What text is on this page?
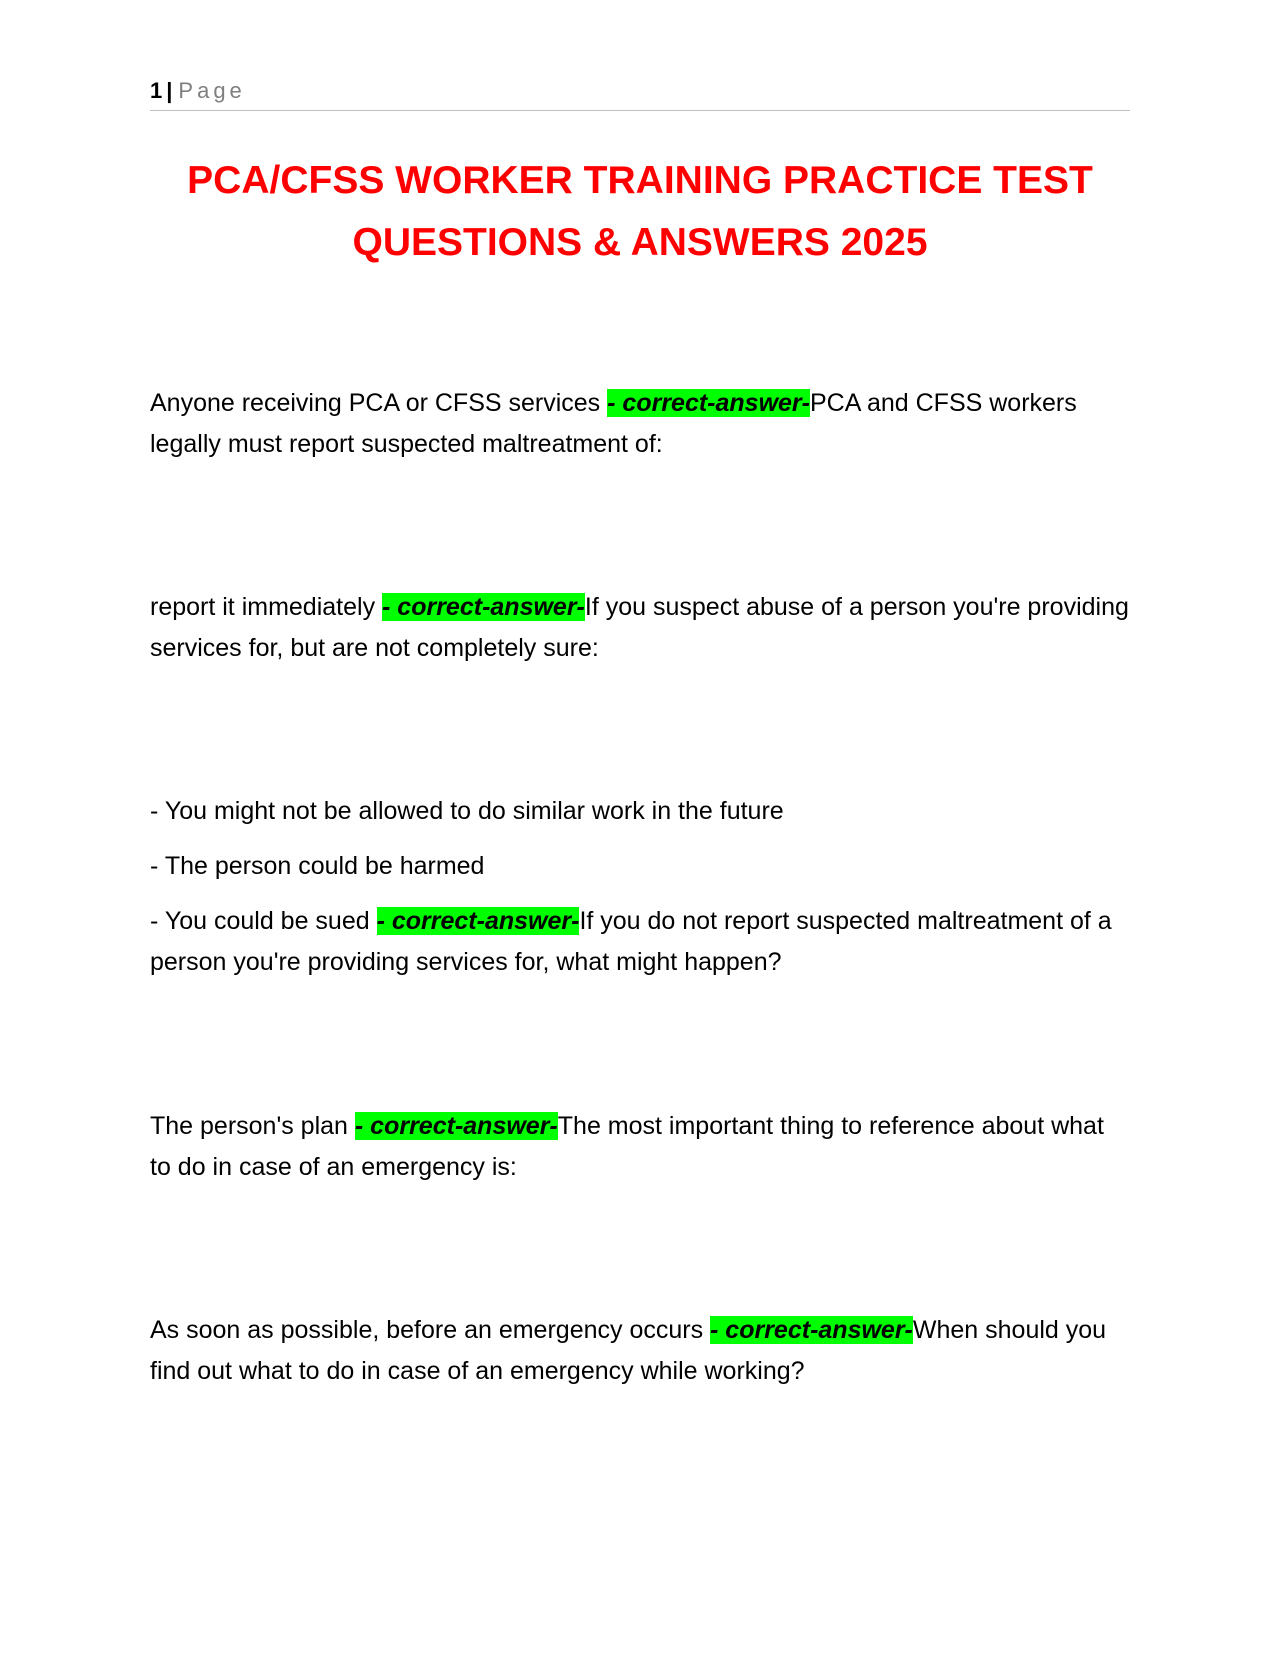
1 | Page
PCA/CFSS WORKER TRAINING PRACTICE TEST
QUESTIONS & ANSWERS 2025

Anyone receiving PCA or CFSS services - correct-answer-PCA and CFSS workers legally must report suspected maltreatment of:

report it immediately - correct-answer-If you suspect abuse of a person you're providing services for, but are not completely sure:

- You might not be allowed to do similar work in the future

- The person could be harmed

- You could be sued - correct-answer-If you do not report suspected maltreatment of a person you're providing services for, what might happen?

The person's plan - correct-answer-The most important thing to reference about what to do in case of an emergency is:

As soon as possible, before an emergency occurs - correct-answer-When should you find out what to do in case of an emergency while working?
